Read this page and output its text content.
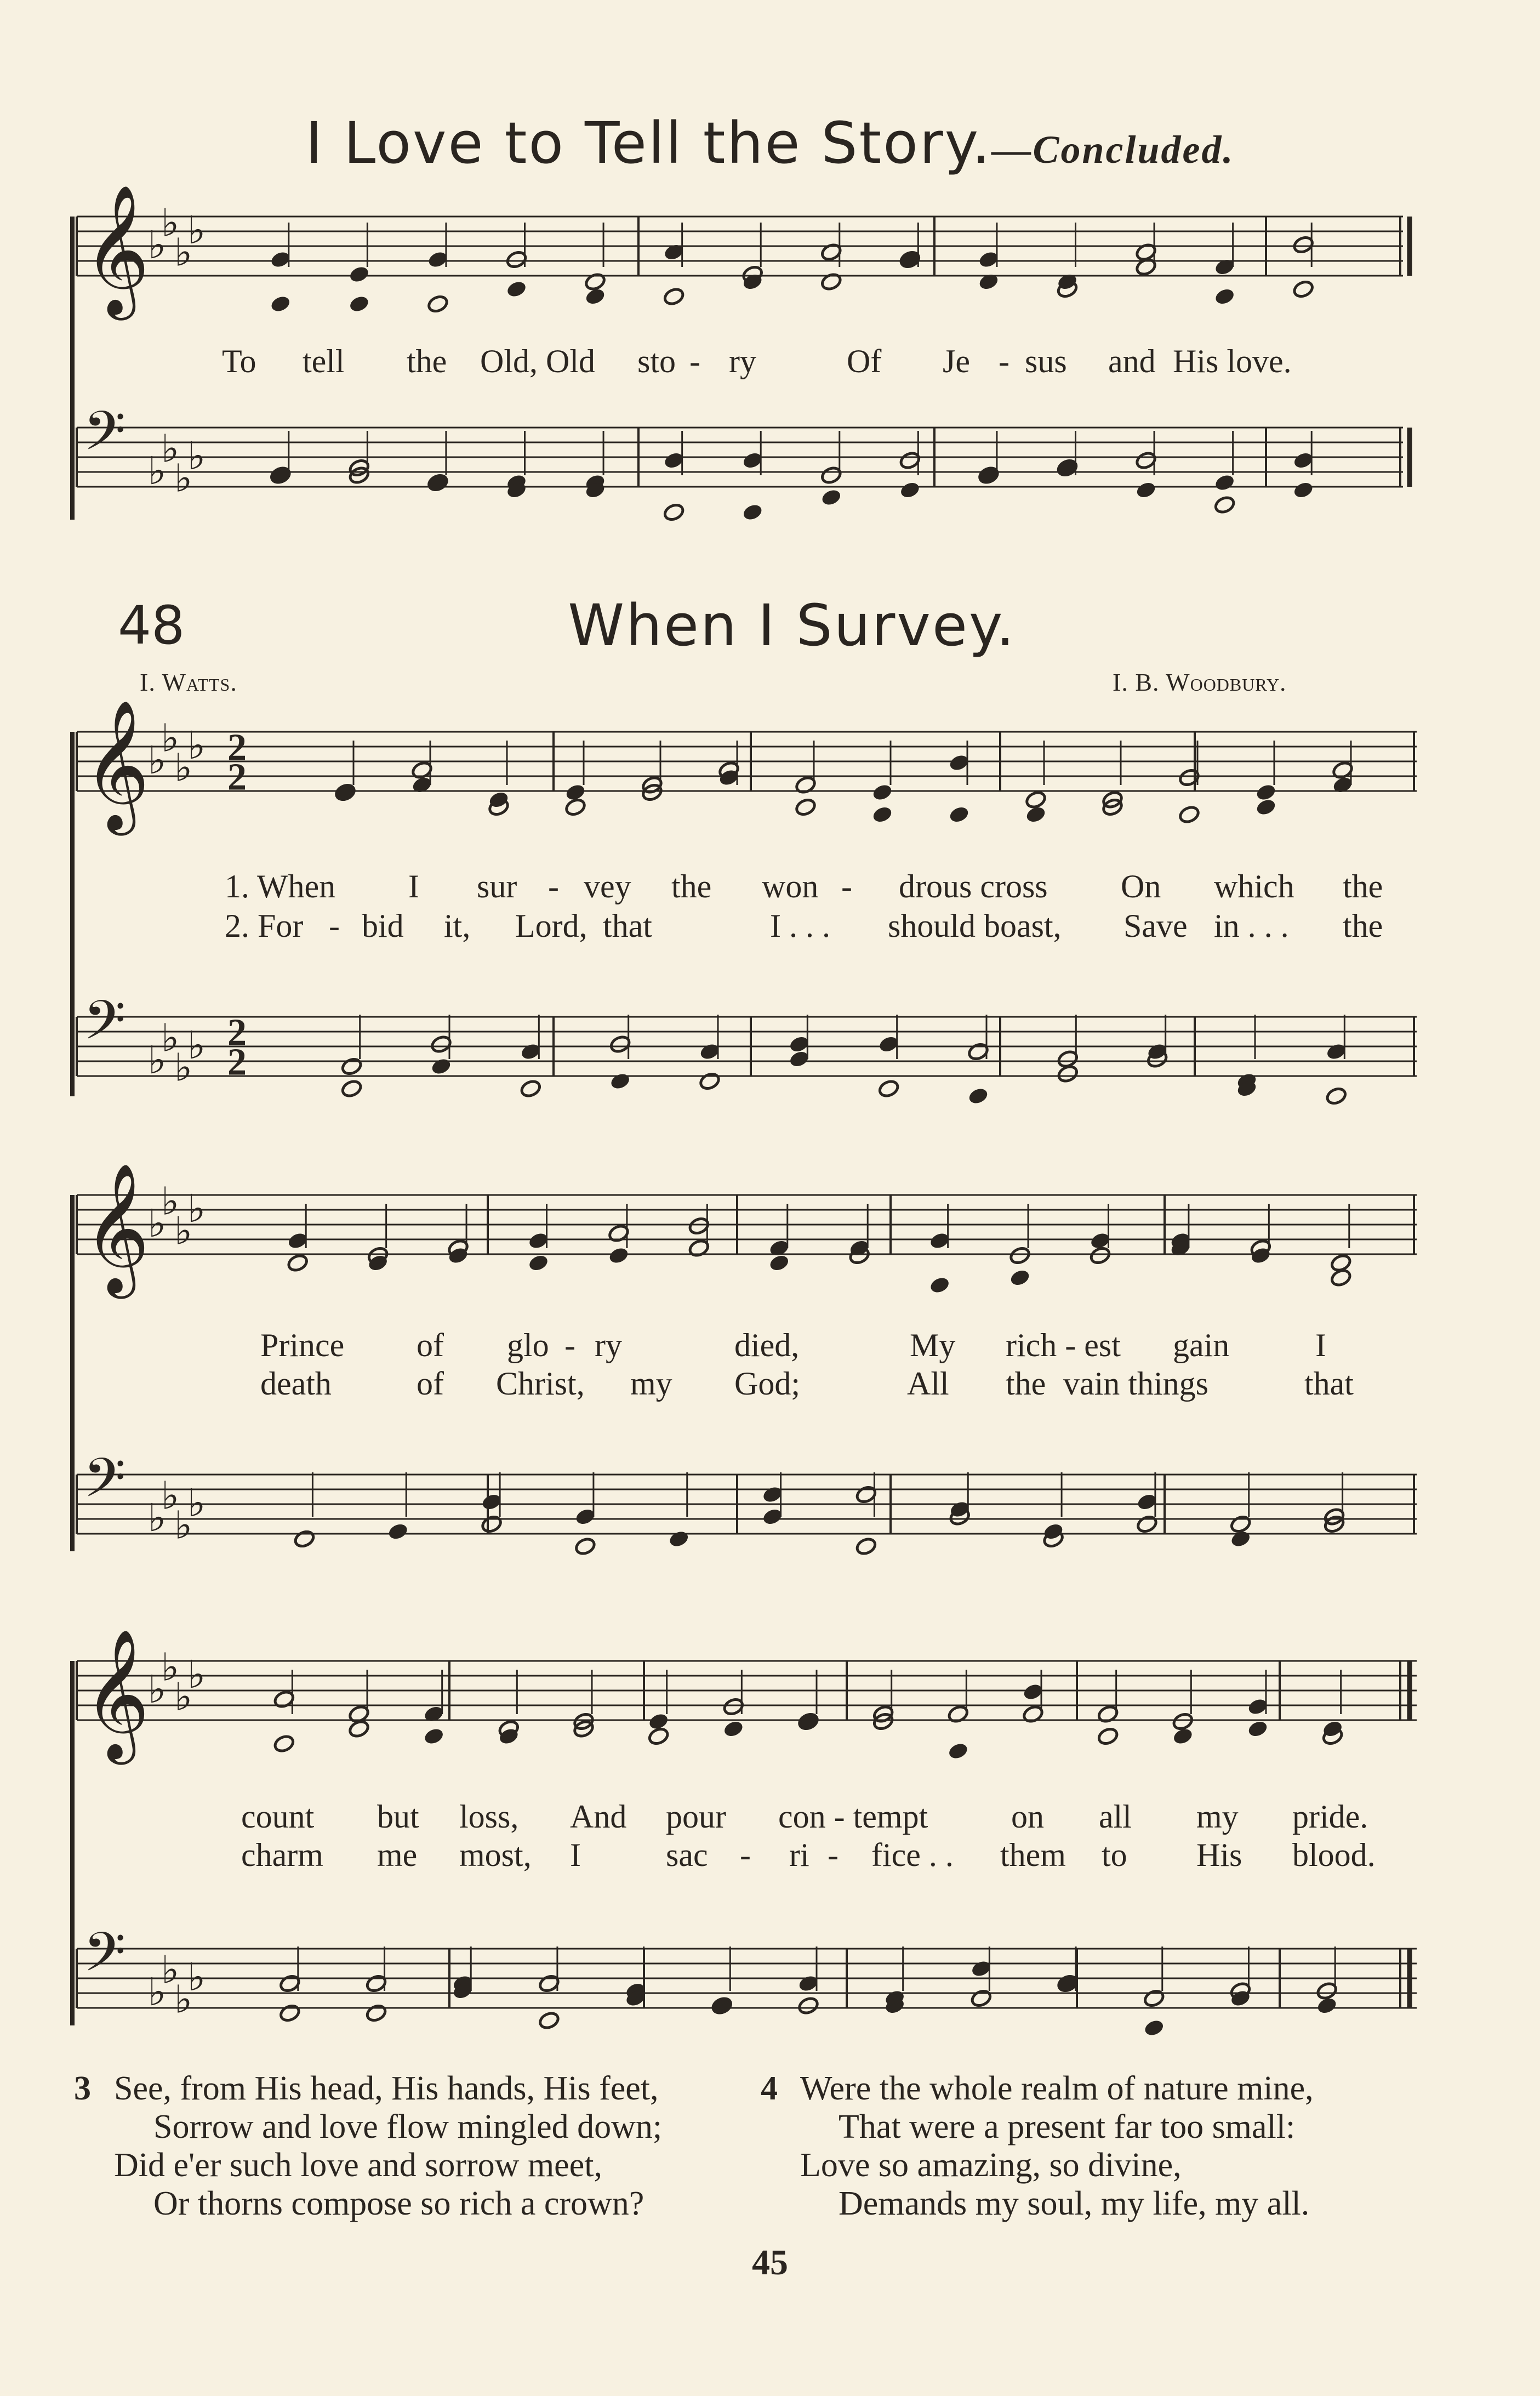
I Love to Tell the Story.—Concluded.
48	When I Survey.
I. Watts.	I. B. Woodbury.
𝄞
♭
♭
♭
♭
𝄢 ♭
♭
♭
♭
𝄞
♭
♭
♭
♭
𝄢 ♭
♭
♭
♭
2
2
2
2
𝄞
♭
♭
♭
♭
𝄢 ♭
♭
♭
♭
𝄞
♭
♭
♭
♭
𝄢 ♭
♭
♭
♭
To tell the Old, Old sto - ry	Of Je - sus and His love.
1. When I sur - vey the won - drous cross On which the
2. For - bid it, Lord, that	I . . . should boast, Save in . . . the
Prince of glo - ry	died,	My rich - est gain	I
death	of Christ, my God;	All the vain things	that
count but loss, And pour con - tempt	on all my pride.
charm me most, I	sac - ri - fice . . them to His blood.
3 See, from His head, His hands, His feet,
Sorrow and love flow mingled down;
Did e'er such love and sorrow meet,
Or thorns compose so rich a crown?
4 Were the whole realm of nature mine,
That were a present far too small:
Love so amazing, so divine,
Demands my soul, my life, my all.
45
